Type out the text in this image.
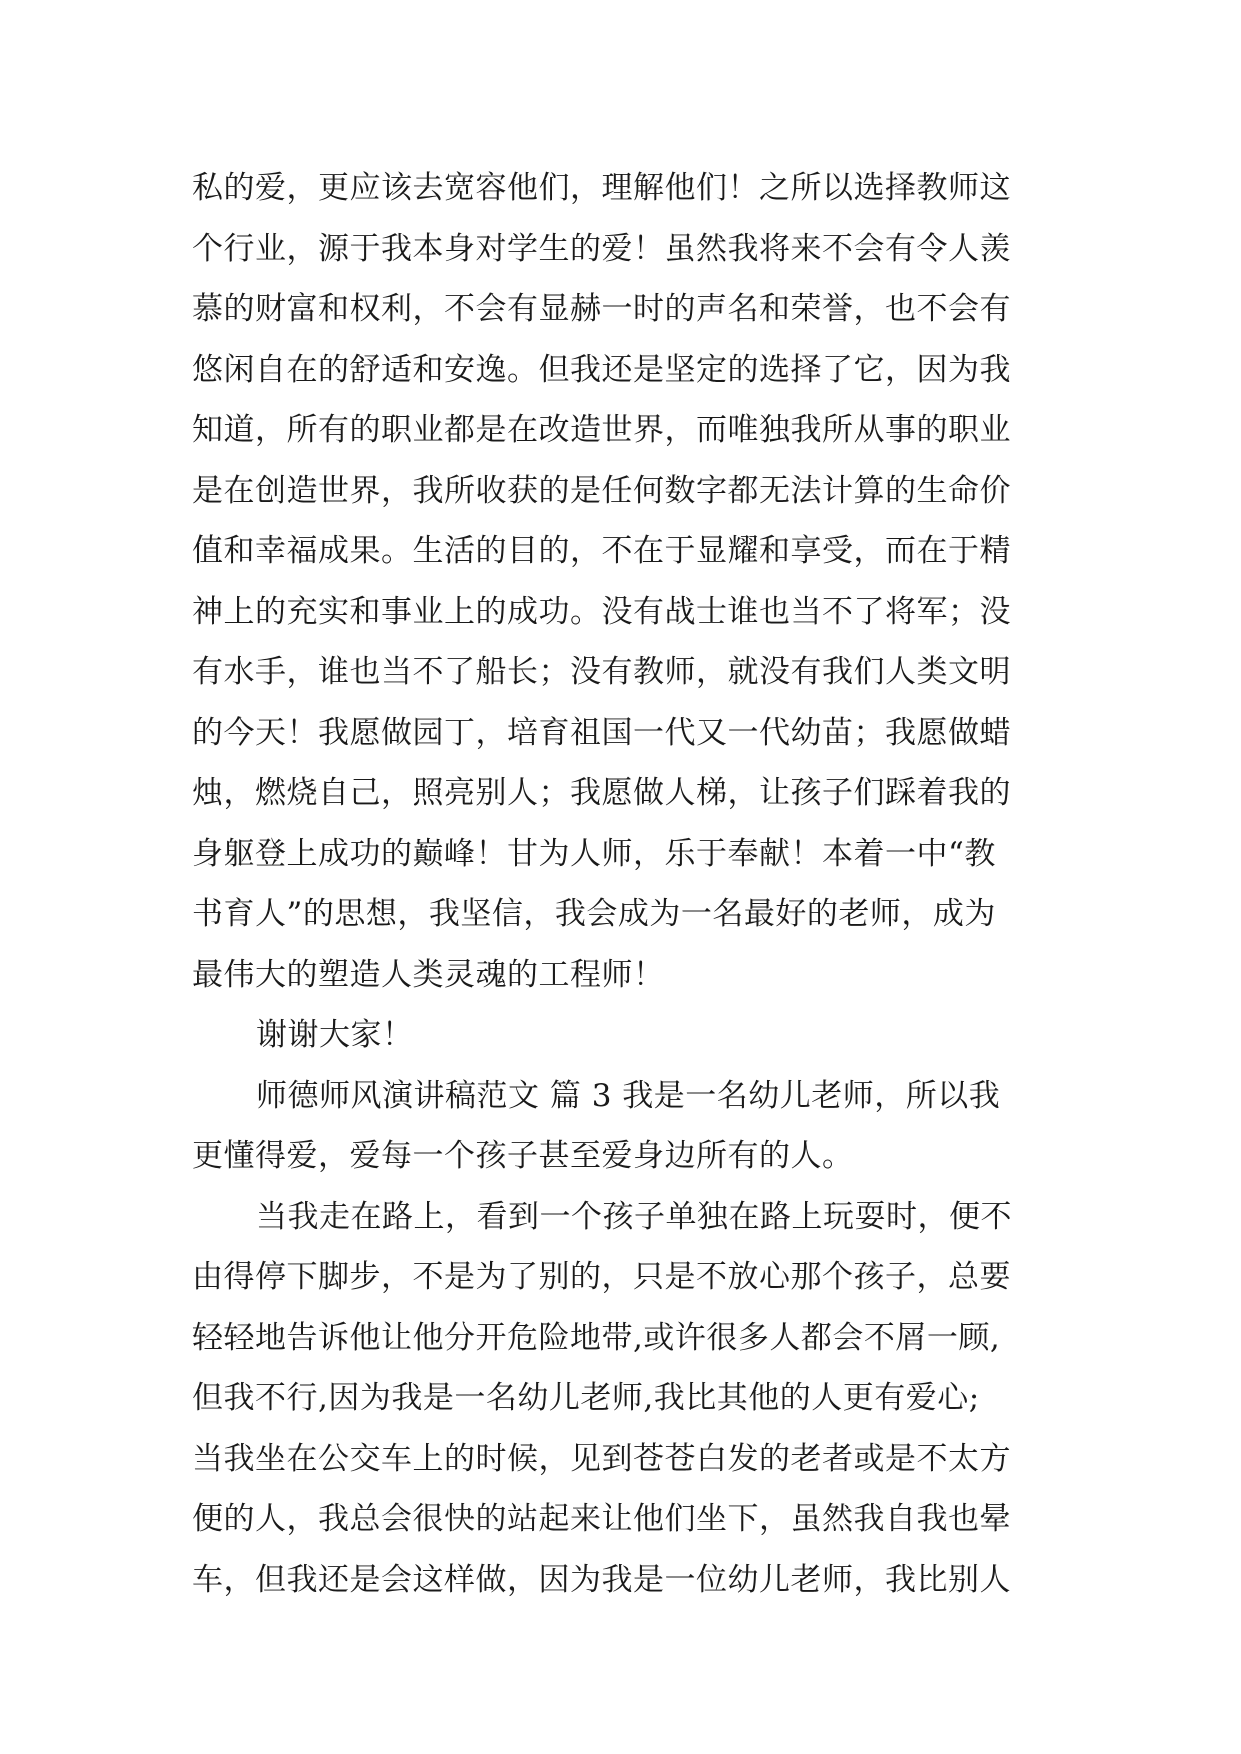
私的爱，更应该去宽容他们，理解他们！之所以选择教师这
个行业，源于我本身对学生的爱！虽然我将来不会有令人羡
慕的财富和权利，不会有显赫一时的声名和荣誉，也不会有
悠闲自在的舒适和安逸。但我还是坚定的选择了它，因为我
知道，所有的职业都是在改造世界，而唯独我所从事的职业
是在创造世界，我所收获的是任何数字都无法计算的生命价
值和幸福成果。生活的目的，不在于显耀和享受，而在于精
神上的充实和事业上的成功。没有战士谁也当不了将军；没
有水手，谁也当不了船长；没有教师，就没有我们人类文明
的今天！我愿做园丁，培育祖国一代又一代幼苗；我愿做蜡
烛，燃烧自己，照亮别人；我愿做人梯，让孩子们踩着我的
身躯登上成功的巅峰！甘为人师，乐于奉献！本着一中“教
书育人”的思想，我坚信，我会成为一名最好的老师，成为
最伟大的塑造人类灵魂的工程师！
谢谢大家！
师德师风演讲稿范文 篇 3 我是一名幼儿老师，所以我
更懂得爱，爱每一个孩子甚至爱身边所有的人。
当我走在路上，看到一个孩子单独在路上玩耍时，便不
由得停下脚步，不是为了别的，只是不放心那个孩子，总要
轻轻地告诉他让他分开危险地带,或许很多人都会不屑一顾,
但我不行,因为我是一名幼儿老师,我比其他的人更有爱心;
当我坐在公交车上的时候，见到苍苍白发的老者或是不太方
便的人，我总会很快的站起来让他们坐下，虽然我自我也晕
车，但我还是会这样做，因为我是一位幼儿老师，我比别人
